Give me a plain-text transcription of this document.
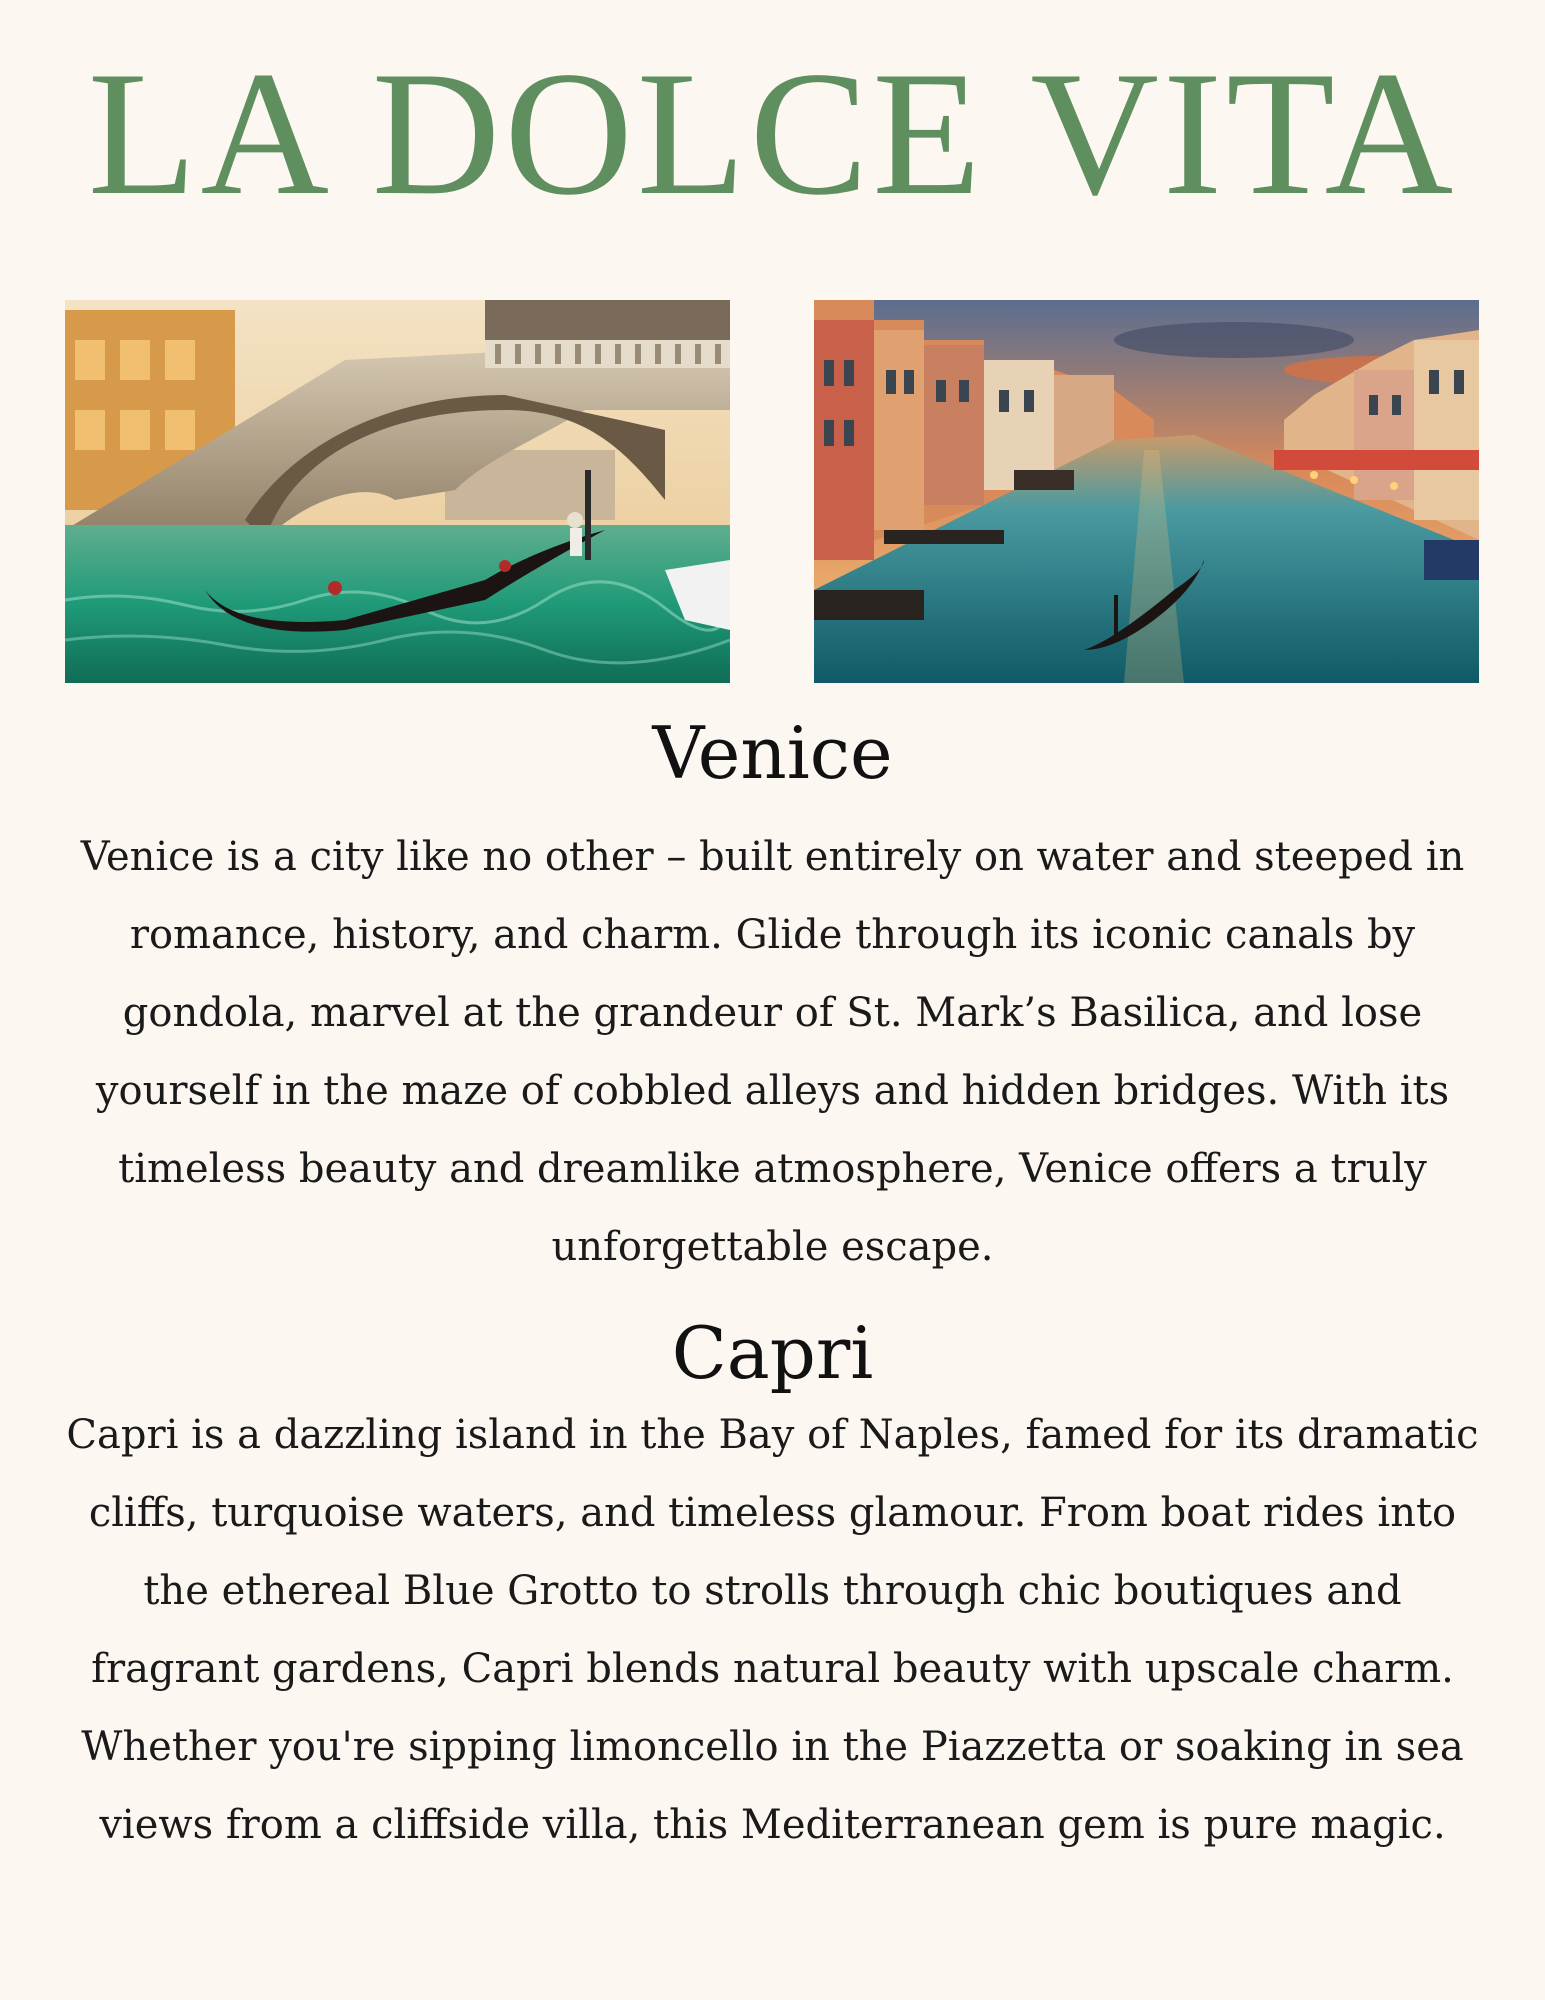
LA DOLCE VITA
Venice
Venice is a city like no other – built entirely on water and steeped in romance, history, and charm. Glide through its iconic canals by gondola, marvel at the grandeur of St. Mark’s Basilica, and lose yourself in the maze of cobbled alleys and hidden bridges. With its timeless beauty and dreamlike atmosphere, Venice offers a truly unforgettable escape.
Capri
Capri is a dazzling island in the Bay of Naples, famed for its dramatic cliffs, turquoise waters, and timeless glamour. From boat rides into the ethereal Blue Grotto to strolls through chic boutiques and fragrant gardens, Capri blends natural beauty with upscale charm. Whether you're sipping limoncello in the Piazzetta or soaking in sea views from a cliffside villa, this Mediterranean gem is pure magic.
